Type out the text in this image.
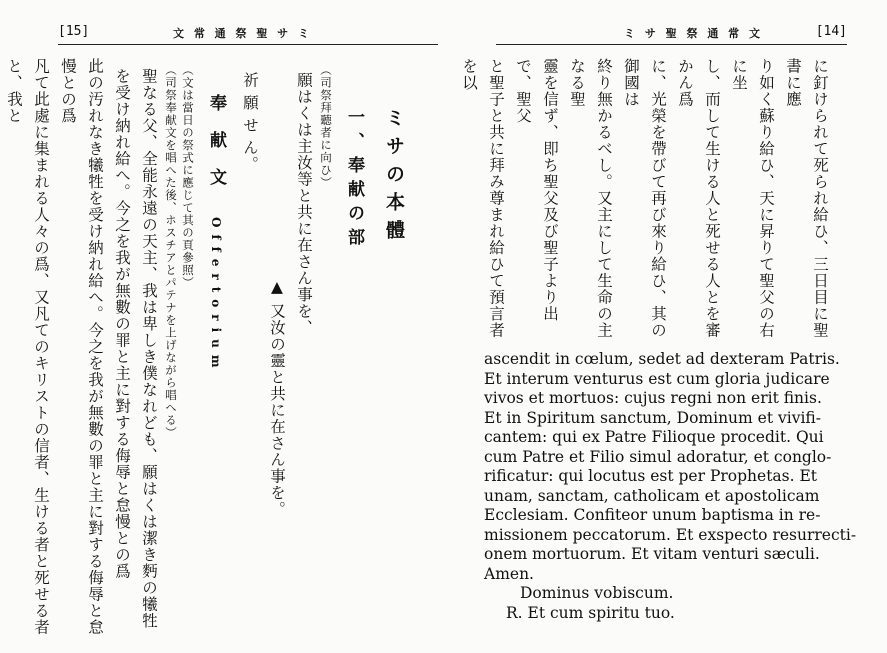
[15]	文 常 通 祭 聖 サ ミ

ミサの本體

一、奉献の部

（司祭拜聽者に向ひ）

願はくは主汝等と共に在さん事を、

▲ 又汝の靈と共に在さん事を。

祈 願 せ ん。

奉 献 文 Offertorium

（文は當日の祭式に應じて其の頁參照）

（司祭奉献文を唱へた後、ホスチアとパテナを上げながら唱へる）

聖なる父、全能永遠の天主、我は卑しき僕なれども、願はくは潔き麪の犧牲を受け納れ給へ。今之を我が無數の罪と主に對する侮辱と怠慢との爲

此の汚れなき犧牲を受け納れ給へ。今之を我が無數の罪と主に對する侮辱と怠慢との爲

凡て此處に集まれる人々の爲、又凡てのキリストの信者、生ける者と死せる者と、我と

ミ サ 聖 祭 通 常 文	[14]

に釘けられて死られ給ひ、三日目に聖書に應

り如く蘇り給ひ、天に昇りて聖父の右に坐

し、而して生ける人と死せる人とを審かん爲

に、光榮を帶びて再び來り給ひ、其の御國は

終り無かるべし。又主にして生命の主なる聖

靈を信ず、即ち聖父及び聖子より出で、聖父

と聖子と共に拜み尊まれ給ひて預言者を以

ascendit in cœlum, sedet ad dexteram Patris.

Et interum venturus est cum gloria judicare

vivos et mortuos: cujus regni non erit finis.

Et in Spiritum sanctum, Dominum et vivifi-

cantem: qui ex Patre Filioque procedit. Qui

cum Patre et Filio simul adoratur, et conglo-

rificatur: qui locutus est per Prophetas. Et

unam, sanctam, catholicam et apostolicam

Ecclesiam. Confiteor unum baptisma in re-

missionem peccatorum. Et exspecto resurrecti-

onem mortuorum. Et vitam venturi sæculi.

Amen.

Dominus vobiscum.

R. Et cum spiritu tuo.
